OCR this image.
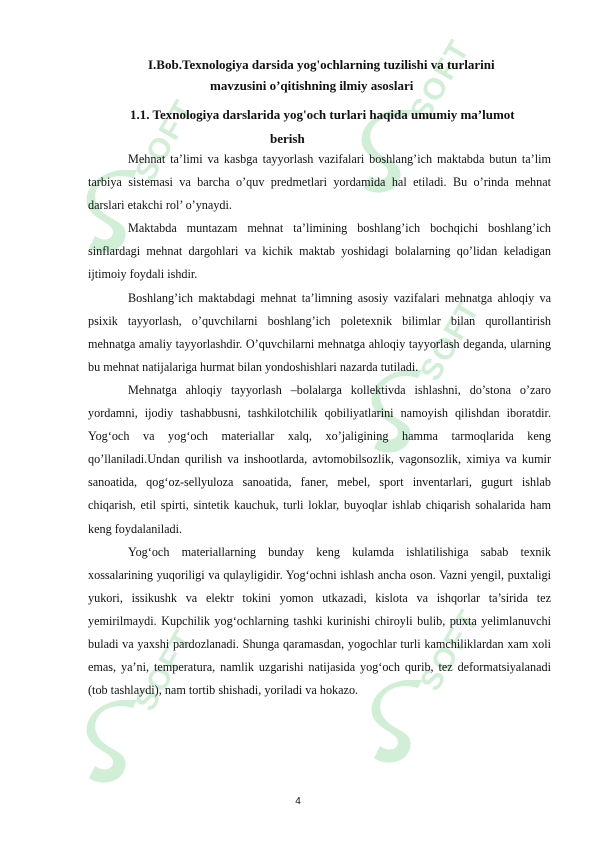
SOFT
SOFT
SOFT
SOFT	SOFT
I.Bob.Texnologiya darsida yog'ochlarning tuzilishi va turlarini
mavzusini o’qitishning ilmiy asoslari
1.1. Texnologiya darslarida yog'och turlari haqida umumiy ma’lumot
berish

Mehnat ta’limi va kasbga tayyorlash vazifalari boshlang’ich maktabda butun ta’lim tarbiya sistemasi va barcha o’quv predmetlari yordamida hal etiladi. Bu o’rinda mehnat darslari etakchi rol’ o’ynaydi.

Maktabda muntazam mehnat ta’limining boshlang’ich bochqichi boshlang’ich sinflardagi mehnat dargohlari va kichik maktab yoshidagi bolalarning qo’lidan keladigan ijtimoiy foydali ishdir.

Boshlang’ich maktabdagi mehnat ta’limning asosiy vazifalari mehnatga ahloqiy va psixik tayyorlash, o’quvchilarni boshlang’ich poletexnik bilimlar bilan qurollantirish mehnatga amaliy tayyorlashdir. O’quvchilarni mehnatga ahloqiy tayyorlash deganda, ularning bu mehnat natijalariga hurmat bilan yondoshishlari nazarda tutiladi.

Mehnatga ahloqiy tayyorlash –bolalarga kollektivda ishlashni, do’stona o’zaro yordamni, ijodiy tashabbusni, tashkilotchilik qobiliyatlarini namoyish qilishdan iboratdir. Yog‘och va yog‘och materiallar xalq, xo’jaligining hamma tarmoqlarida keng qo’llaniladi.Undan qurilish va inshootlarda, avtomobilsozlik, vagonsozlik, ximiya va kumir sanoatida, qog‘oz-sellyuloza sanoatida, faner, mebel, sport inventarlari, gugurt ishlab chiqarish, etil spirti, sintetik kauchuk, turli loklar, buyoqlar ishlab chiqarish sohalarida ham keng foydalaniladi.

Yog‘och materiallarning bunday keng kulamda ishlatilishiga sabab texnik xossalarining yuqoriligi va qulayligidir. Yog‘ochni ishlash ancha oson. Vazni yengil, puxtaligi yukori, issikushk va elektr tokini yomon utkazadi, kislota va ishqorlar ta’sirida tez yemirilmaydi. Kupchilik yog‘ochlarning tashki kurinishi chiroyli bulib, puxta yelimlanuvchi buladi va yaxshi pardozlanadi. Shunga qaramasdan, yogochlar turli kamchiliklardan xam xoli emas, ya’ni, temperatura, namlik uzgarishi natijasida yog‘och qurib, tez deformatsiyalanadi (tob tashlaydi), nam tortib shishadi, yoriladi va hokazo.

4
